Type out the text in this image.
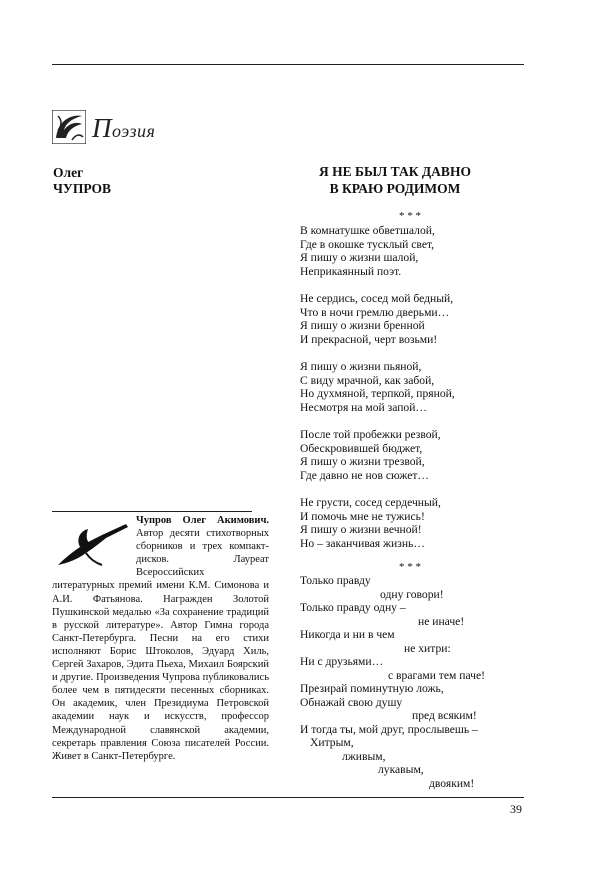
Поэзия
Олег
ЧУПРОВ
Я НЕ БЫЛ ТАК ДАВНО
В КРАЮ РОДИМОМ
* * *
В комнатушке обветшалой,
Где в окошке тусклый свет,
Я пишу о жизни шалой,
Неприкаянный поэт.
Не сердись, сосед мой бедный,
Что в ночи гремлю дверьми…
Я пишу о жизни бренной
И прекрасной, черт возьми!
Я пишу о жизни пьяной,
С виду мрачной, как забой,
Но духмяной, терпкой, пряной,
Несмотря на мой запой…
После той пробежки резвой,
Обескровившей бюджет,
Я пишу о жизни трезвой,
Где давно не нов сюжет…
Не грусти, сосед сердечный,
И помочь мне не тужись!
Я пишу о жизни вечной!
Но – заканчивая жизнь…
* * *
Только правду
одну говори!
Только правду одну –
не иначе!
Никогда и ни в чем
не хитри:
Ни с друзьями…
с врагами тем паче!
Презирай поминутную ложь,
Обнажай свою душу
пред всяким!
И тогда ты, мой друг, прослывешь –
Хитрым,
лживым,
лукавым,
двояким!
Чупров Олег Акимович. Автор десяти стихотворных сборников и трех компакт-дисков. Лауреат Всероссийских литературных премий имени К.М. Симонова и А.И. Фатьянова. Награжден Золотой Пушкинской медалью «За сохранение традиций в русской литературе». Автор Гимна города Санкт-Петербурга. Песни на его стихи исполняют Борис Штоколов, Эдуард Хиль, Сергей Захаров, Эдита Пьеха, Михаил Боярский и другие. Произведения Чупрова публиковались более чем в пятидесяти песенных сборниках. Он академик, член Президиума Петровской академии наук и искусств, профессор Международной славянской академии, секретарь правления Союза писателей России. Живет в Санкт-Петербурге.
39
